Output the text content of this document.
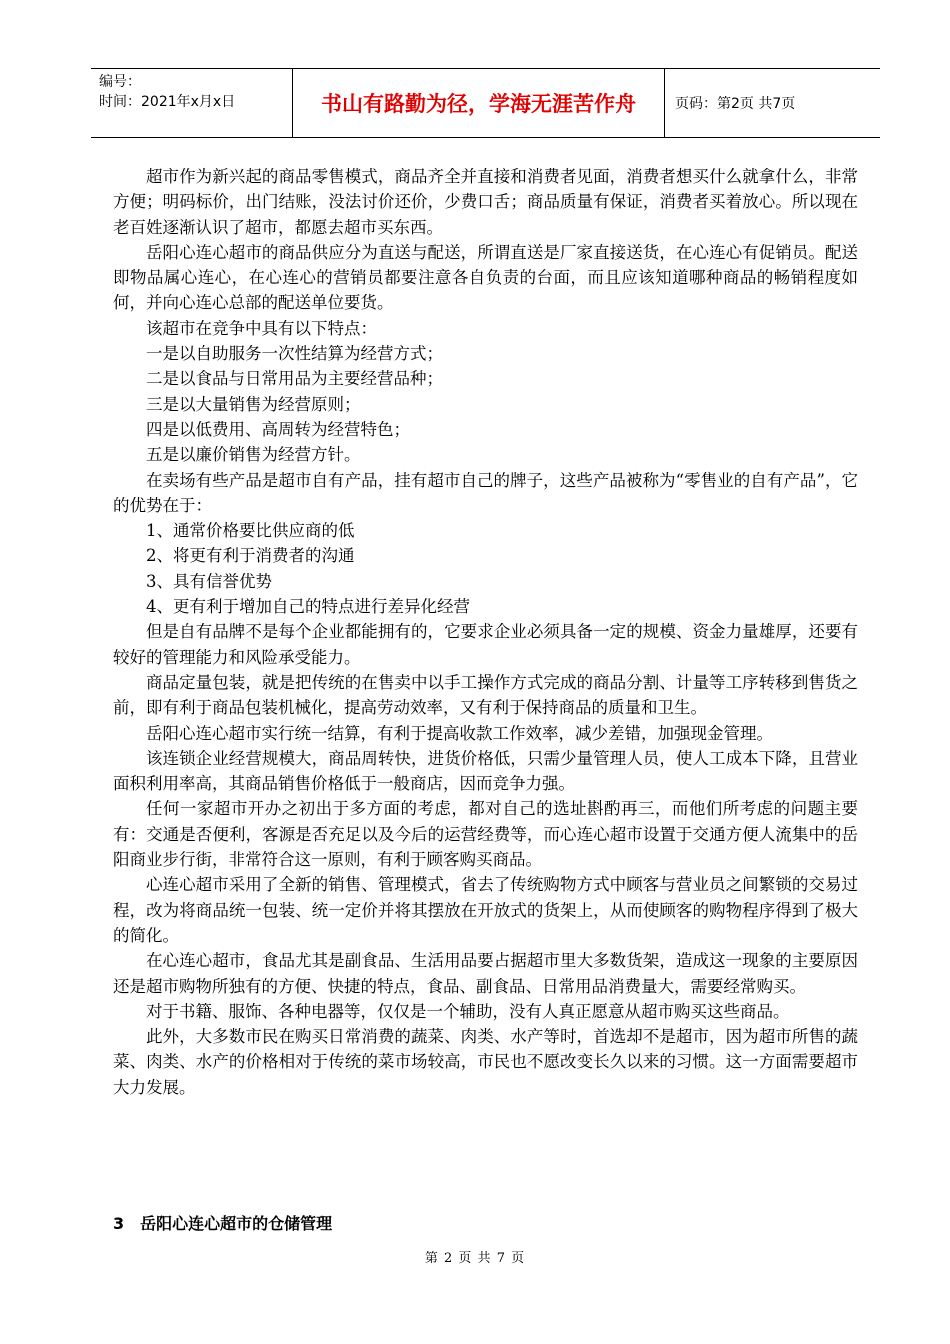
编号：
时间：2021年x月x日	书山有路勤为径，学海无涯苦作舟	页码：第2页 共7页

超市作为新兴起的商品零售模式，商品齐全并直接和消费者见面，消费者想买什么就拿什么，非常方便；明码标价，出门结账，没法讨价还价，少费口舌；商品质量有保证，消费者买着放心。所以现在老百姓逐渐认识了超市，都愿去超市买东西。

岳阳心连心超市的商品供应分为直送与配送，所谓直送是厂家直接送货，在心连心有促销员。配送即物品属心连心，在心连心的营销员都要注意各自负责的台面，而且应该知道哪种商品的畅销程度如何，并向心连心总部的配送单位要货。

该超市在竞争中具有以下特点：

一是以自助服务一次性结算为经营方式；

二是以食品与日常用品为主要经营品种；

三是以大量销售为经营原则；

四是以低费用、高周转为经营特色；

五是以廉价销售为经营方针。

在卖场有些产品是超市自有产品，挂有超市自己的牌子，这些产品被称为“零售业的自有产品”，它的优势在于：

1、通常价格要比供应商的低

2、将更有利于消费者的沟通

3、具有信誉优势

4、更有利于增加自己的特点进行差异化经营

但是自有品牌不是每个企业都能拥有的，它要求企业必须具备一定的规模、资金力量雄厚，还要有较好的管理能力和风险承受能力。

商品定量包装，就是把传统的在售卖中以手工操作方式完成的商品分割、计量等工序转移到售货之前，即有利于商品包装机械化，提高劳动效率，又有利于保持商品的质量和卫生。

岳阳心连心超市实行统一结算，有利于提高收款工作效率，减少差错，加强现金管理。

该连锁企业经营规模大，商品周转快，进货价格低，只需少量管理人员，使人工成本下降，且营业面积利用率高，其商品销售价格低于一般商店，因而竞争力强。

任何一家超市开办之初出于多方面的考虑，都对自己的选址斟酌再三，而他们所考虑的问题主要有：交通是否便利，客源是否充足以及今后的运营经费等，而心连心超市设置于交通方便人流集中的岳阳商业步行街，非常符合这一原则，有利于顾客购买商品。

心连心超市采用了全新的销售、管理模式，省去了传统购物方式中顾客与营业员之间繁锁的交易过程，改为将商品统一包装、统一定价并将其摆放在开放式的货架上，从而使顾客的购物程序得到了极大的简化。

在心连心超市，食品尤其是副食品、生活用品要占据超市里大多数货架，造成这一现象的主要原因还是超市购物所独有的方便、快捷的特点，食品、副食品、日常用品消费量大，需要经常购买。

对于书籍、服饰、各种电器等，仅仅是一个辅助，没有人真正愿意从超市购买这些商品。

此外，大多数市民在购买日常消费的蔬菜、肉类、水产等时，首选却不是超市，因为超市所售的蔬菜、肉类、水产的价格相对于传统的菜市场较高，市民也不愿改变长久以来的习惯。这一方面需要超市大力发展。

3　岳阳心连心超市的仓储管理
第 2 页 共 7 页
